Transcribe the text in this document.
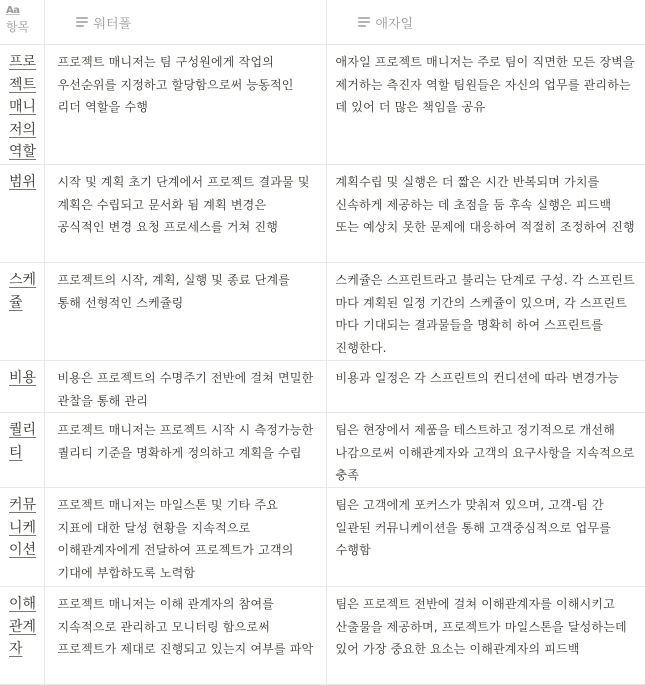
Aa
항목	워터폴	애자일

프로젝트 매니저의 역할	프로젝트 매니저는 팀 구성원에게 작업의 우선순위를 지정하고 할당함으로써 능동적인 리더 역할을 수행	애자일 프로젝트 매니저는 주로 팀이 직면한 모든 장벽을 제거하는 측진자 역할 팀원들은 자신의 업무를 관리하는 데 있어 더 많은 책임을 공유
범위	시작 및 계획 초기 단계에서 프로젝트 결과물 및 계획은 수립되고 문서화 됨 계획 변경은 공식적인 변경 요청 프로세스를 거쳐 진행	계획수립 및 실행은 더 짧은 시간 반복되며 가치를 신속하게 제공하는 데 초점을 둠 후속 실행은 피드백 또는 예상치 못한 문제에 대응하여 적절히 조정하여 진행
스케쥴	프로젝트의 시작, 계획, 실행 및 종료 단계를 통해 선형적인 스케쥴링	스케쥴은 스프린트라고 불리는 단계로 구성. 각 스프린트 마다 계획된 일정 기간의 스케쥴이 있으며, 각 스프린트 마다 기대되는 결과물들을 명확히 하여 스프린트를 진행한다.
비용	비용은 프로젝트의 수명주기 전반에 걸쳐 면밀한 관찰을 통해 관리	비용과 일정은 각 스프린트의 컨디션에 따라 변경가능
퀄리티	프로젝트 매니저는 프로젝트 시작 시 측정가능한 퀄리티 기준을 명확하게 정의하고 계획을 수립	팀은 현장에서 제품을 테스트하고 정기적으로 개선해 나감으로써 이해관계자와 고객의 요구사항을 지속적으로 충족
커뮤니케이션	프로젝트 매니저는 마일스톤 및 기타 주요 지표에 대한 달성 현황을 지속적으로 이해관계자에게 전달하여 프로젝트가 고객의 기대에 부합하도록 노력함	팀은 고객에게 포커스가 맞춰져 있으며, 고객-팀 간 일관된 커뮤니케이션을 통해 고객중심적으로 업무를 수행함
이해관계자	프로젝트 매니저는 이해 관계자의 참여를 지속적으로 관리하고 모니터링 함으로써 프로젝트가 제대로 진행되고 있는지 여부를 파악	팀은 프로젝트 전반에 걸쳐 이해관계자를 이해시키고 산출물을 제공하며, 프로젝트가 마일스톤을 달성하는데 있어 가장 중요한 요소는 이해관계자의 피드백
